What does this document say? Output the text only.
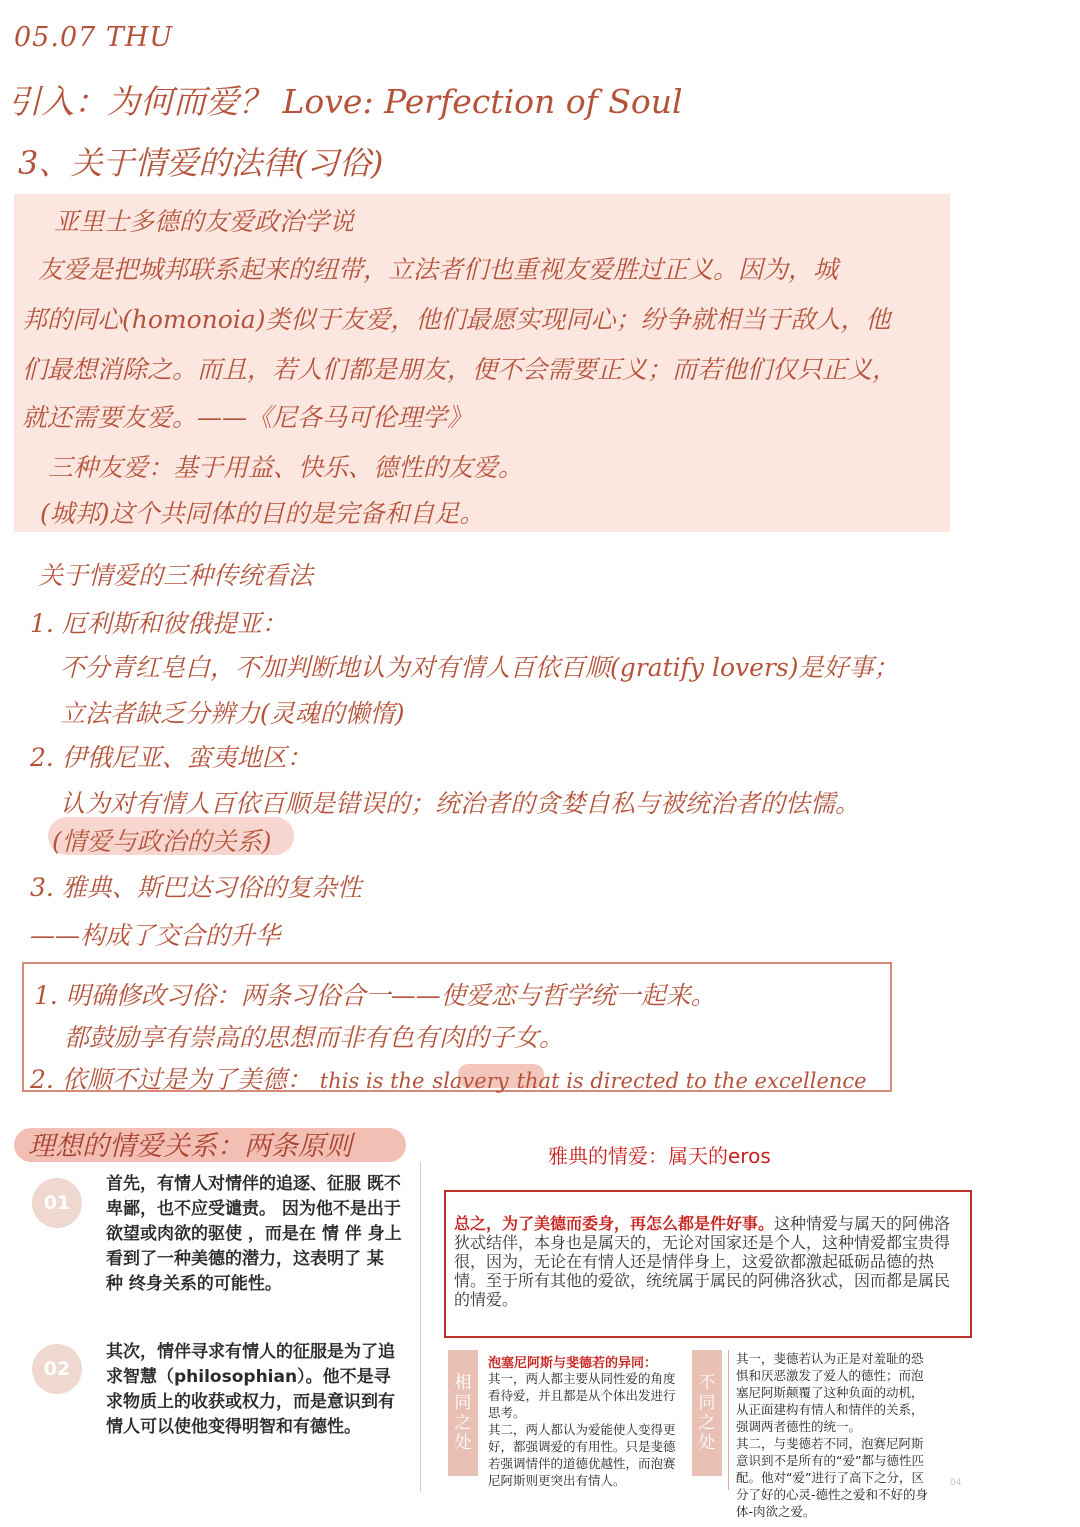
05.07 THU
引入：为何而爱？ Love: Perfection of Soul
3、关于情爱的法律(习俗)
亚里士多德的友爱政治学说
友爱是把城邦联系起来的纽带，立法者们也重视友爱胜过正义。因为，城
邦的同心(homonoia)类似于友爱，他们最愿实现同心；纷争就相当于敌人，他
们最想消除之。而且，若人们都是朋友，便不会需要正义；而若他们仅只正义，
就还需要友爱。——《尼各马可伦理学》
三种友爱：基于用益、快乐、德性的友爱。
(城邦)这个共同体的目的是完备和自足。
关于情爱的三种传统看法
1. 厄利斯和彼俄提亚：
不分青红皂白，不加判断地认为对有情人百依百顺(gratify lovers)是好事；
立法者缺乏分辨力(灵魂的懒惰)
2. 伊俄尼亚、蛮夷地区：
认为对有情人百依百顺是错误的；统治者的贪婪自私与被统治者的怯懦。
(情爱与政治的关系)
3. 雅典、斯巴达习俗的复杂性
——构成了交合的升华
1. 明确修改习俗：两条习俗合一——使爱恋与哲学统一起来。
都鼓励享有崇高的思想而非有色有肉的子女。
2. 依顺不过是为了美德： this is the slavery that is directed to the excellence
理想的情爱关系：两条原则
01
首先，有情人对情伴的追逐、征服 既不卑鄙，也不应受谴责。 因为他不是出于欲望或肉欲的驱使 ，而是在 情 伴 身上看到了一种美德的潜力，这表明了 某 种 终身关系的可能性。
02
其次，情伴寻求有情人的征服是为了追求智慧（philosophian）。他不是寻求物质上的收获或权力，而是意识到有情人可以使他变得明智和有德性。
雅典的情爱：属天的eros
总之，为了美德而委身，再怎么都是件好事。这种情爱与属天的阿佛洛狄忒结伴，本身也是属天的，无论对国家还是个人，这种情爱都宝贵得很，因为，无论在有情人还是情伴身上，这爱欲都激起砥砺品德的热情。至于所有其他的爱欲，统统属于属民的阿佛洛狄忒，因而都是属民的情爱。
相同之处
泡塞尼阿斯与斐德若的异同：
其一，两人都主要从同性爱的角度看待爱，并且都是从个体出发进行思考。
其二，两人都认为爱能使人变得更好，都强调爱的有用性。只是斐德若强调情伴的道德优越性，而泡赛尼阿斯则更突出有情人。
不同之处
其一，斐德若认为正是对羞耻的恐惧和厌恶激发了爱人的德性；而泡塞尼阿斯颠覆了这种负面的动机，从正面建构有情人和情伴的关系，强调两者德性的统一。
其二，与斐德若不同，泡赛尼阿斯意识到不是所有的“爱”都与德性匹配。他对“爱”进行了高下之分，区分了好的心灵-德性之爱和不好的身体-肉欲之爱。
04
